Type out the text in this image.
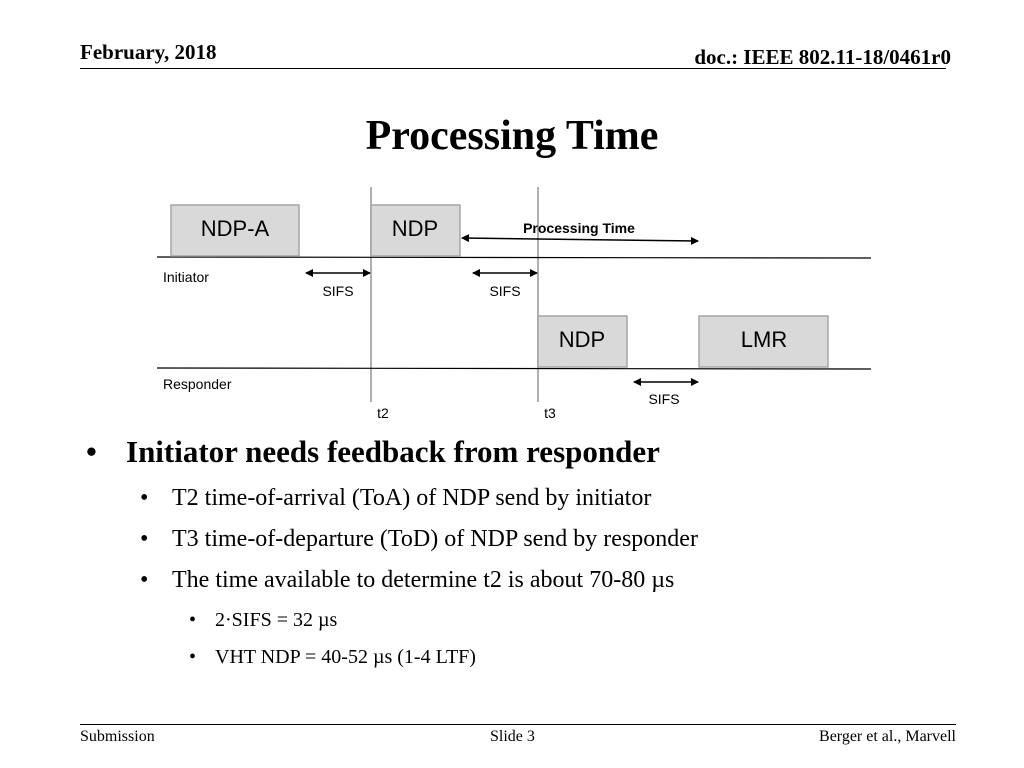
February, 2018	doc.: IEEE 802.11-18/0461r0
Processing Time
NDP-A	NDP
NDP	LMR
Processing Time
SIFS	SIFS
SIFS
Initiator
Responder
t2	t3
• Initiator needs feedback from responder
• T2 time-of-arrival (ToA) of NDP send by initiator
• T3 time-of-departure (ToD) of NDP send by responder
• The time available to determine t2 is about 70-80 µs
• 2·SIFS = 32 µs
• VHT NDP = 40-52 µs (1-4 LTF)
Submission	Slide 3	Berger et al., Marvell
